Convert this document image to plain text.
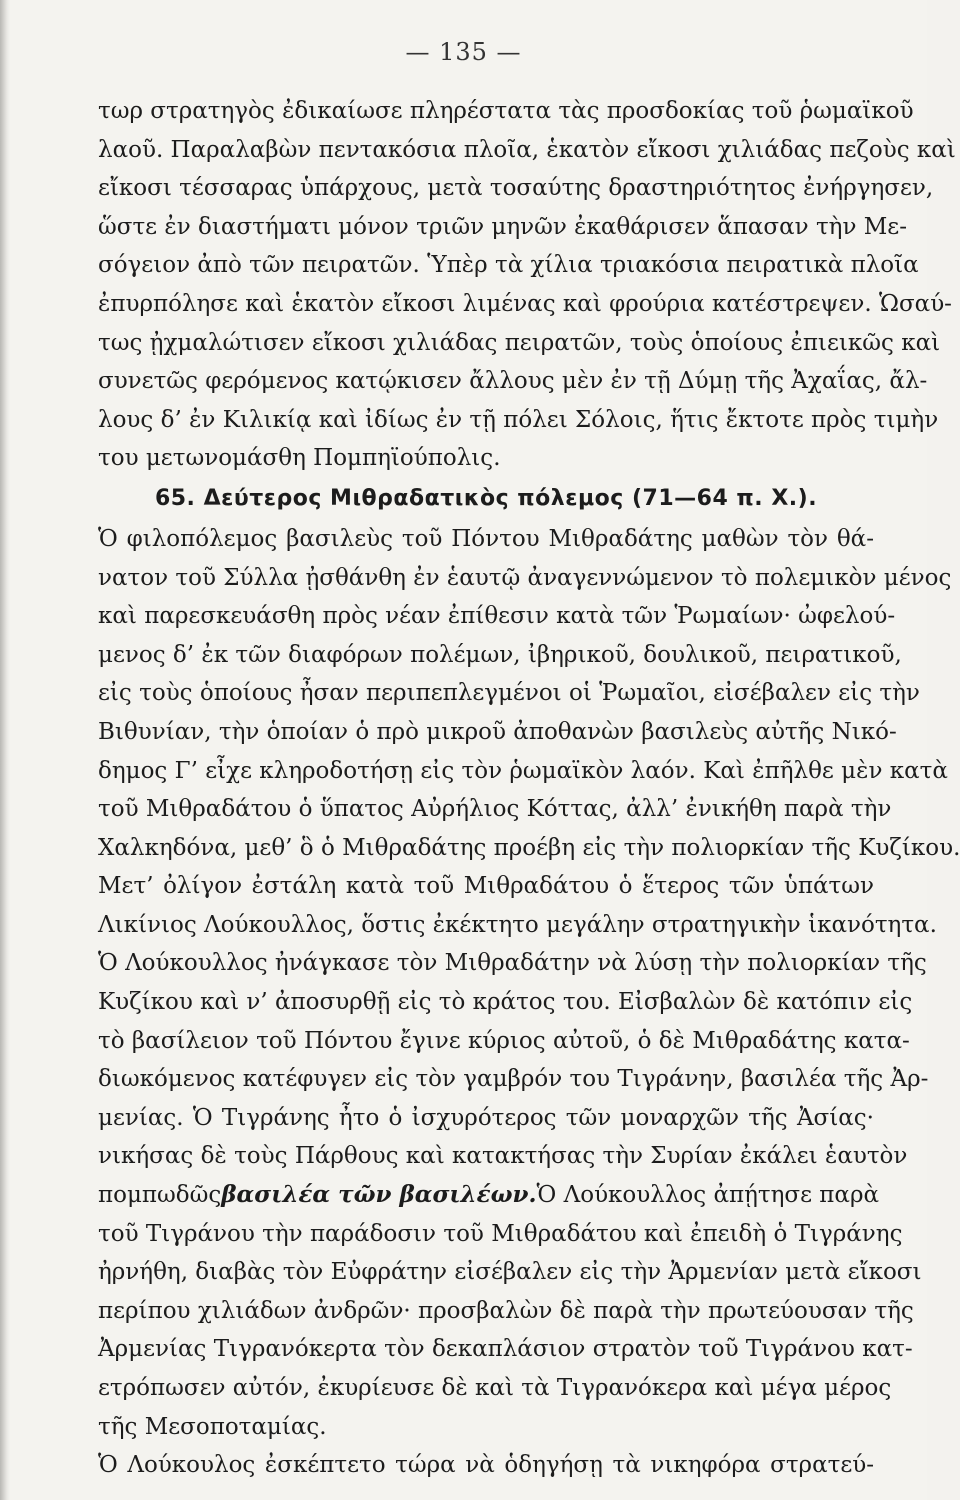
— 135 —
τωρ στρατηγὸς ἐδικαίωσε πληρέστατα τὰς προσδοκίας τοῦ ῥωμαϊκοῦ
λαοῦ. Παραλαβὼν πεντακόσια πλοῖα, ἑκατὸν εἴκοσι χιλιάδας πεζοὺς καὶ
εἴκοσι τέσσαρας ὑπάρχους, μετὰ τοσαύτης δραστηριότητος ἐνήργησεν,
ὥστε ἐν διαστήματι μόνον τριῶν μηνῶν ἐκαθάρισεν ἅπασαν τὴν Με-
σόγειον ἀπὸ τῶν πειρατῶν. Ὑπὲρ τὰ χίλια τριακόσια πειρατικὰ πλοῖα
ἐπυρπόλησε καὶ ἑκατὸν εἴκοσι λιμένας καὶ φρούρια κατέστρεψεν. Ὡσαύ-
τως ᾐχμαλώτισεν εἴκοσι χιλιάδας πειρατῶν, τοὺς ὁποίους ἐπιεικῶς καὶ
συνετῶς φερόμενος κατῴκισεν ἄλλους μὲν ἐν τῇ Δύμῃ τῆς Ἀχαΐας, ἄλ-
λους δ’ ἐν Κιλικίᾳ καὶ ἰδίως ἐν τῇ πόλει Σόλοις, ἥτις ἔκτοτε πρὸς τιμὴν
του μετωνομάσθη Πομπηϊούπολις.
65. Δεύτερος Μιθραδατικὸς πόλεμος (71—64 π. Χ.).
Ὁ φιλοπόλεμος βασιλεὺς τοῦ Πόντου Μιθραδάτης μαθὼν τὸν θά-
νατον τοῦ Σύλλα ᾐσθάνθη ἐν ἑαυτῷ ἀναγεννώμενον τὸ πολεμικὸν μένος
καὶ παρεσκευάσθη πρὸς νέαν ἐπίθεσιν κατὰ τῶν Ῥωμαίων· ὠφελού-
μενος δ’ ἐκ τῶν διαφόρων πολέμων, ἰβηρικοῦ, δουλικοῦ, πειρατικοῦ,
εἰς τοὺς ὁποίους ἦσαν περιπεπλεγμένοι οἱ Ῥωμαῖοι, εἰσέβαλεν εἰς τὴν
Βιθυνίαν, τὴν ὁποίαν ὁ πρὸ μικροῦ ἀποθανὼν βασιλεὺς αὐτῆς Νικό-
δημος Γ’ εἶχε κληροδοτήσῃ εἰς τὸν ῥωμαϊκὸν λαόν. Καὶ ἐπῆλθε μὲν κατὰ
τοῦ Μιθραδάτου ὁ ὕπατος Αὐρήλιος Κόττας, ἀλλ’ ἐνικήθη παρὰ τὴν
Χαλκηδόνα, μεθ’ ὃ ὁ Μιθραδάτης προέβη εἰς τὴν πολιορκίαν τῆς Κυζίκου.
Μετ’ ὀλίγον ἐστάλη κατὰ τοῦ Μιθραδάτου ὁ ἕτερος τῶν ὑπάτων
Λικίνιος Λούκουλλος, ὅστις ἐκέκτητο μεγάλην στρατηγικὴν ἱκανότητα.
Ὁ Λούκουλλος ἠνάγκασε τὸν Μιθραδάτην νὰ λύσῃ τὴν πολιορκίαν τῆς
Κυζίκου καὶ ν’ ἀποσυρθῇ εἰς τὸ κράτος του. Εἰσβαλὼν δὲ κατόπιν εἰς
τὸ βασίλειον τοῦ Πόντου ἔγινε κύριος αὐτοῦ, ὁ δὲ Μιθραδάτης κατα-
διωκόμενος κατέφυγεν εἰς τὸν γαμβρόν του Τιγράνην, βασιλέα τῆς Ἀρ-
μενίας. Ὁ Τιγράνης ἦτο ὁ ἰσχυρότερος τῶν μοναρχῶν τῆς Ἀσίας·
νικήσας δὲ τοὺς Πάρθους καὶ κατακτήσας τὴν Συρίαν ἐκάλει ἑαυτὸν
πομπωδῶς βασιλέα τῶν βασιλέων. Ὁ Λούκουλλος ἀπῄτησε παρὰ
τοῦ Τιγράνου τὴν παράδοσιν τοῦ Μιθραδάτου καὶ ἐπειδὴ ὁ Τιγράνης
ἠρνήθη, διαβὰς τὸν Εὐφράτην εἰσέβαλεν εἰς τὴν Ἀρμενίαν μετὰ εἴκοσι
περίπου χιλιάδων ἀνδρῶν· προσβαλὼν δὲ παρὰ τὴν πρωτεύουσαν τῆς
Ἀρμενίας Τιγρανόκερτα τὸν δεκαπλάσιον στρατὸν τοῦ Τιγράνου κατ-
ετρόπωσεν αὐτόν, ἐκυρίευσε δὲ καὶ τὰ Τιγρανόκερα καὶ μέγα μέρος
τῆς Μεσοποταμίας.
Ὁ Λούκουλος ἐσκέπτετο τώρα νὰ ὁδηγήσῃ τὰ νικηφόρα στρατεύ-
